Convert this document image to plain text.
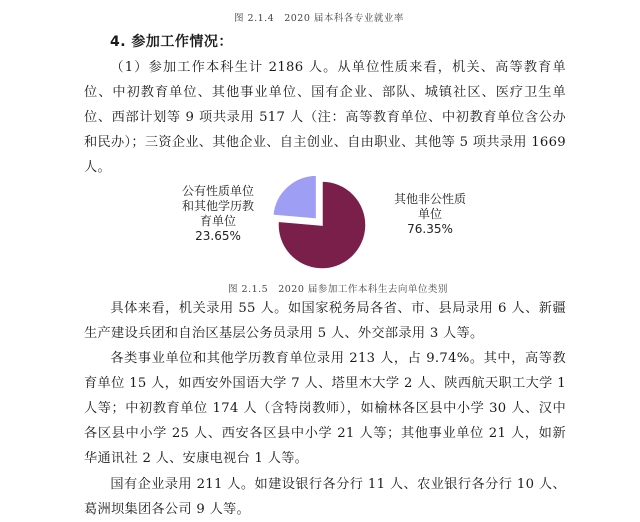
图 2.1.4　2020 届本科各专业就业率
4. 参加工作情况：
（1）参加工作本科生计 2186 人。从单位性质来看，机关、高等教育单位、中初教育单位、其他事业单位、国有企业、部队、城镇社区、医疗卫生单位、西部计划等 9 项共录用 517 人（注：高等教育单位、中初教育单位含公办和民办）；三资企业、其他企业、自主创业、自由职业、其他等 5 项共录用 1669 人。
公有性质单位
和其他学历教
育单位
23.65%
其他非公性质
单位
76.35%
图 2.1.5　2020 届参加工作本科生去向单位类别
具体来看，机关录用 55 人。如国家税务局各省、市、县局录用 6 人、新疆生产建设兵团和自治区基层公务员录用 5 人、外交部录用 3 人等。
各类事业单位和其他学历教育单位录用 213 人，占 9.74%。其中，高等教育单位 15 人，如西安外国语大学 7 人、塔里木大学 2 人、陕西航天职工大学 1 人等；中初教育单位 174 人（含特岗教师），如榆林各区县中小学 30 人、汉中各区县中小学 25 人、西安各区县中小学 21 人等；其他事业单位 21 人，如新华通讯社 2 人、安康电视台 1 人等。
国有企业录用 211 人。如建设银行各分行 11 人、农业银行各分行 10 人、葛洲坝集团各公司 9 人等。
